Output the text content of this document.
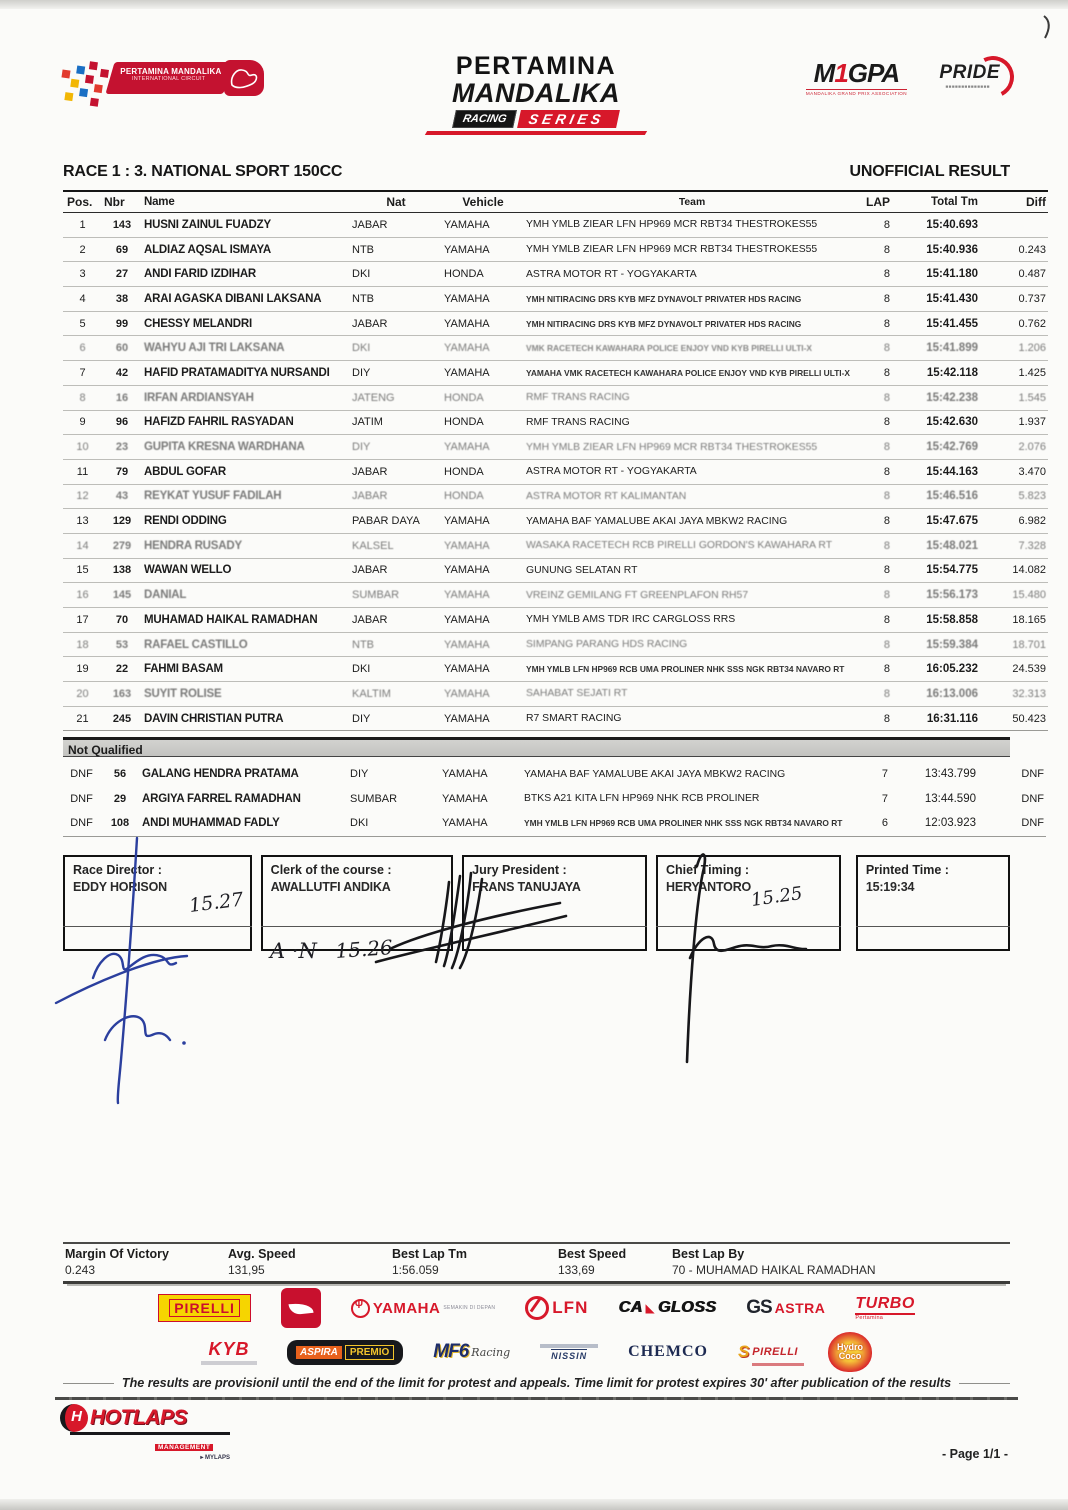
PERTAMINA MANDALIKA
INTERNATIONAL CIRCUIT	PERTAMINA
MANDALIKA
RACING	SERIES
M1GPA
MANDALIKA GRAND PRIX ASSOCIATION

PRIDE
■■■■■■■■■■■■■■
RACE 1 : 3. NATIONAL SPORT 150CC	UNOFFICIAL RESULT
Pos.	Nbr	Name	Nat	Vehicle	Team	LAP	Total Tm	Diff
1	143	HUSNI ZAINUL FUADZY	JABAR	YAMAHA	YMH YMLB ZIEAR LFN HP969 MCR RBT34 THESTROKES55	8	15:40.693	
2	69	ALDIAZ AQSAL ISMAYA	NTB	YAMAHA	YMH YMLB ZIEAR LFN HP969 MCR RBT34 THESTROKES55	8	15:40.936	0.243
3	27	ANDI FARID IZDIHAR	DKI	HONDA	ASTRA MOTOR RT - YOGYAKARTA	8	15:41.180	0.487
4	38	ARAI AGASKA DIBANI LAKSANA	NTB	YAMAHA	YMH NITIRACING DRS KYB MFZ DYNAVOLT PRIVATER HDS RACING	8	15:41.430	0.737
5	99	CHESSY MELANDRI	JABAR	YAMAHA	YMH NITIRACING DRS KYB MFZ DYNAVOLT PRIVATER HDS RACING	8	15:41.455	0.762
6	60	WAHYU AJI TRI LAKSANA	DKI	YAMAHA	VMK RACETECH KAWAHARA POLICE ENJOY VND KYB PIRELLI ULTI-X	8	15:41.899	1.206
7	42	HAFID PRATAMADITYA NURSANDI	DIY	YAMAHA	YAMAHA VMK RACETECH KAWAHARA POLICE ENJOY VND KYB PIRELLI ULTI-X	8	15:42.118	1.425
8	16	IRFAN ARDIANSYAH	JATENG	HONDA	RMF TRANS RACING	8	15:42.238	1.545
9	96	HAFIZD FAHRIL RASYADAN	JATIM	HONDA	RMF TRANS RACING	8	15:42.630	1.937
10	23	GUPITA KRESNA WARDHANA	DIY	YAMAHA	YMH YMLB ZIEAR LFN HP969 MCR RBT34 THESTROKES55	8	15:42.769	2.076
11	79	ABDUL GOFAR	JABAR	HONDA	ASTRA MOTOR RT - YOGYAKARTA	8	15:44.163	3.470
12	43	REYKAT YUSUF FADILAH	JABAR	HONDA	ASTRA MOTOR RT KALIMANTAN	8	15:46.516	5.823
13	129	RENDI ODDING	PABAR DAYA	YAMAHA	YAMAHA BAF YAMALUBE AKAI JAYA MBKW2 RACING	8	15:47.675	6.982
14	279	HENDRA RUSADY	KALSEL	YAMAHA	WASAKA RACETECH RCB PIRELLI GORDON'S KAWAHARA RT	8	15:48.021	7.328
15	138	WAWAN WELLO	JABAR	YAMAHA	GUNUNG SELATAN RT	8	15:54.775	14.082
16	145	DANIAL	SUMBAR	YAMAHA	VREINZ GEMILANG FT GREENPLAFON RH57	8	15:56.173	15.480
17	70	MUHAMAD HAIKAL RAMADHAN	JABAR	YAMAHA	YMH YMLB AMS TDR IRC CARGLOSS RRS	8	15:58.858	18.165
18	53	RAFAEL CASTILLO	NTB	YAMAHA	SIMPANG PARANG HDS RACING	8	15:59.384	18.701
19	22	FAHMI BASAM	DKI	YAMAHA	YMH YMLB LFN HP969 RCB UMA PROLINER NHK SSS NGK RBT34 NAVARO RT	8	16:05.232	24.539
20	163	SUYIT ROLISE	KALTIM	YAMAHA	SAHABAT SEJATI RT	8	16:13.006	32.313
21	245	DAVIN CHRISTIAN PUTRA	DIY	YAMAHA	R7 SMART RACING	8	16:31.116	50.423
Not Qualified
DNF	56	GALANG HENDRA PRATAMA	DIY	YAMAHA	YAMAHA BAF YAMALUBE AKAI JAYA MBKW2 RACING	7	13:43.799	DNF
DNF	29	ARGIYA FARREL RAMADHAN	SUMBAR	YAMAHA	BTKS A21 KITA LFN HP969 NHK RCB PROLINER	7	13:44.590	DNF
DNF	108	ANDI MUHAMMAD FADLY	DKI	YAMAHA	YMH YMLB LFN HP969 RCB UMA PROLINER NHK SSS NGK RBT34 NAVARO RT	6	12:03.923	DNF
Race Director :
EDDY HORISON
Clerk of the course :
AWALLUTFI ANDIKA
Jury President :
FRANS TANUJAYA
Chief Timing :
HERYANTORO
Printed Time :
15:19:34
Margin Of Victory
0.243
Avg. Speed
131,95
Best Lap Tm
1:56.059
Best Speed
133,69
Best Lap By
70 - MUHAMAD HAIKAL RAMADHAN
PIRELLI Ψ	YAMAHA SEMAKIN DI DEPAN	LFN CA ◣ GLOSS GS ASTRA TURBO
Pertamina
KYB	ASPIRA	PREMIO MF6 Racing	NISSIN	CHEMCO S PIRELLI	Hydro
Coco
The results are provisionil until the end of the limit for protest and appeals. Time limit for protest expires 30' after publication of the results
H HOTLAPS
MANAGEMENT
▸ MYLAPS	- Page 1/1 -
15.27
A ·N 15.26
15.25
